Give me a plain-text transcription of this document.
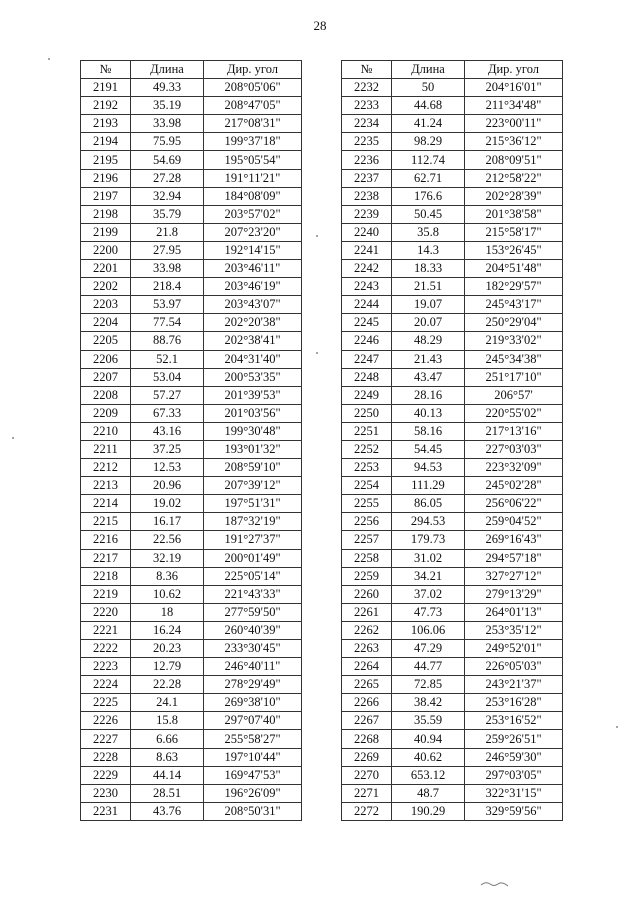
28
№	Длина	Дир. угол
2191	49.33	208°05'06"
2192	35.19	208°47'05"
2193	33.98	217°08'31"
2194	75.95	199°37'18"
2195	54.69	195°05'54"
2196	27.28	191°11'21"
2197	32.94	184°08'09"
2198	35.79	203°57'02"
2199	21.8	207°23'20"
2200	27.95	192°14'15"
2201	33.98	203°46'11"
2202	218.4	203°46'19"
2203	53.97	203°43'07"
2204	77.54	202°20'38"
2205	88.76	202°38'41"
2206	52.1	204°31'40"
2207	53.04	200°53'35"
2208	57.27	201°39'53"
2209	67.33	201°03'56"
2210	43.16	199°30'48"
2211	37.25	193°01'32"
2212	12.53	208°59'10"
2213	20.96	207°39'12"
2214	19.02	197°51'31"
2215	16.17	187°32'19"
2216	22.56	191°27'37"
2217	32.19	200°01'49"
2218	8.36	225°05'14"
2219	10.62	221°43'33"
2220	18	277°59'50"
2221	16.24	260°40'39"
2222	20.23	233°30'45"
2223	12.79	246°40'11"
2224	22.28	278°29'49"
2225	24.1	269°38'10"
2226	15.8	297°07'40"
2227	6.66	255°58'27"
2228	8.63	197°10'44"
2229	44.14	169°47'53"
2230	28.51	196°26'09"
2231	43.76	208°50'31"
№	Длина	Дир. угол
2232	50	204°16'01"
2233	44.68	211°34'48"
2234	41.24	223°00'11"
2235	98.29	215°36'12"
2236	112.74	208°09'51"
2237	62.71	212°58'22"
2238	176.6	202°28'39"
2239	50.45	201°38'58"
2240	35.8	215°58'17"
2241	14.3	153°26'45"
2242	18.33	204°51'48"
2243	21.51	182°29'57"
2244	19.07	245°43'17"
2245	20.07	250°29'04"
2246	48.29	219°33'02"
2247	21.43	245°34'38"
2248	43.47	251°17'10"
2249	28.16	206°57'
2250	40.13	220°55'02"
2251	58.16	217°13'16"
2252	54.45	227°03'03"
2253	94.53	223°32'09"
2254	111.29	245°02'28"
2255	86.05	256°06'22"
2256	294.53	259°04'52"
2257	179.73	269°16'43"
2258	31.02	294°57'18"
2259	34.21	327°27'12"
2260	37.02	279°13'29"
2261	47.73	264°01'13"
2262	106.06	253°35'12"
2263	47.29	249°52'01"
2264	44.77	226°05'03"
2265	72.85	243°21'37"
2266	38.42	253°16'28"
2267	35.59	253°16'52"
2268	40.94	259°26'51"
2269	40.62	246°59'30"
2270	653.12	297°03'05"
2271	48.7	322°31'15"
2272	190.29	329°59'56"
